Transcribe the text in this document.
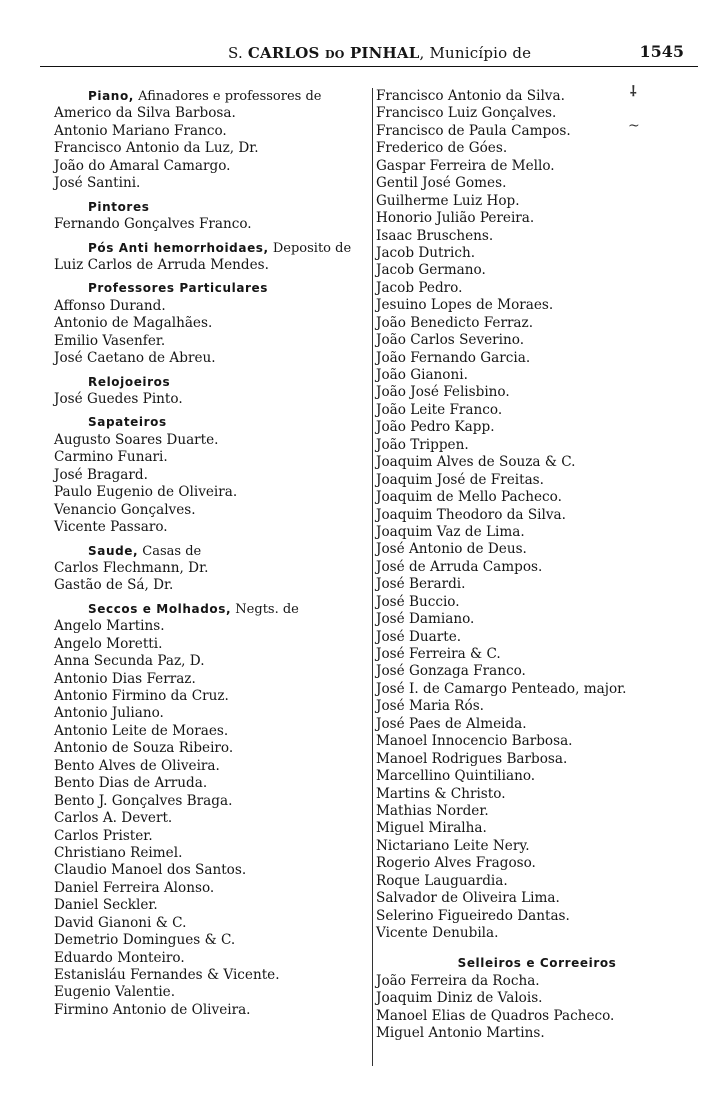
S. CARLOS do PINHAL, Município de	1545
Piano, Afinadores e professores de
Americo da Silva Barbosa.
Antonio Mariano Franco.
Francisco Antonio da Luz, Dr.
João do Amaral Camargo.
José Santini.
Pintores
Fernando Gonçalves Franco.
Pós Anti hemorrhoidaes, Deposito de
Luiz Carlos de Arruda Mendes.
Professores Particulares
Affonso Durand.
Antonio de Magalhães.
Emilio Vasenfer.
José Caetano de Abreu.
Relojoeiros
José Guedes Pinto.
Sapateiros
Augusto Soares Duarte.
Carmino Funari.
José Bragard.
Paulo Eugenio de Oliveira.
Venancio Gonçalves.
Vicente Passaro.
Saude, Casas de
Carlos Flechmann, Dr.
Gastão de Sá, Dr.
Seccos e Molhados, Negts. de
Angelo Martins.
Angelo Moretti.
Anna Secunda Paz, D.
Antonio Dias Ferraz.
Antonio Firmino da Cruz.
Antonio Juliano.
Antonio Leite de Moraes.
Antonio de Souza Ribeiro.
Bento Alves de Oliveira.
Bento Dias de Arruda.
Bento J. Gonçalves Braga.
Carlos A. Devert.
Carlos Prister.
Christiano Reimel.
Claudio Manoel dos Santos.
Daniel Ferreira Alonso.
Daniel Seckler.
David Gianoni & C.
Demetrio Domingues & C.
Eduardo Monteiro.
Estanisláu Fernandes & Vicente.
Eugenio Valentie.
Firmino Antonio de Oliveira.
Francisco Antonio da Silva.
Francisco Luiz Gonçalves.
Francisco de Paula Campos.
Frederico de Góes.
Gaspar Ferreira de Mello.
Gentil José Gomes.
Guilherme Luiz Hop.
Honorio Julião Pereira.
Isaac Bruschens.
Jacob Dutrich.
Jacob Germano.
Jacob Pedro.
Jesuino Lopes de Moraes.
João Benedicto Ferraz.
João Carlos Severino.
João Fernando Garcia.
João Gianoni.
João José Felisbino.
João Leite Franco.
João Pedro Kapp.
João Trippen.
Joaquim Alves de Souza & C.
Joaquim José de Freitas.
Joaquim de Mello Pacheco.
Joaquim Theodoro da Silva.
Joaquim Vaz de Lima.
José Antonio de Deus.
José de Arruda Campos.
José Berardi.
José Buccio.
José Damiano.
José Duarte.
José Ferreira & C.
José Gonzaga Franco.
José I. de Camargo Penteado, major.
José Maria Rós.
José Paes de Almeida.
Manoel Innocencio Barbosa.
Manoel Rodrigues Barbosa.
Marcellino Quintiliano.
Martins & Christo.
Mathias Norder.
Miguel Miralha.
Nictariano Leite Nery.
Rogerio Alves Fragoso.
Roque Lauguardia.
Salvador de Oliveira Lima.
Selerino Figueiredo Dantas.
Vicente Denubila.
Selleiros e Correeiros
João Ferreira da Rocha.
Joaquim Diniz de Valois.
Manoel Elias de Quadros Pacheco.
Miguel Antonio Martins.
⸸
~
